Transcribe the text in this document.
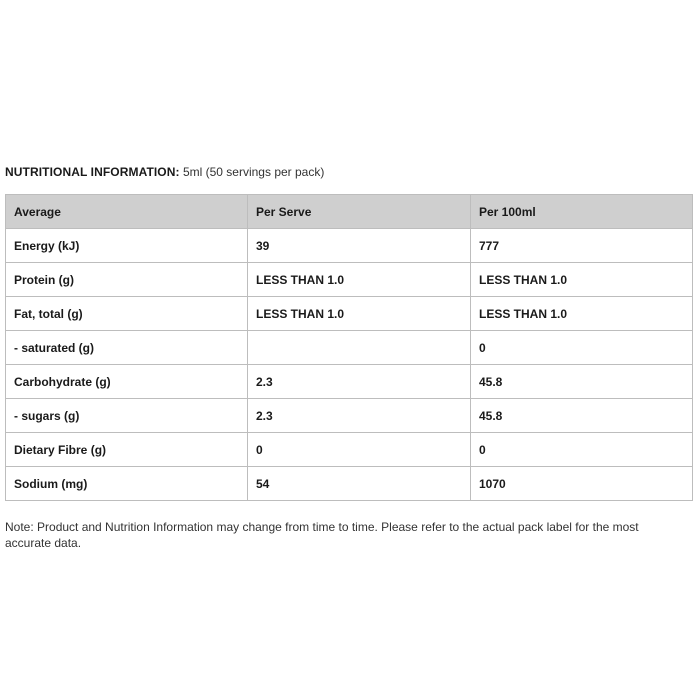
NUTRITIONAL INFORMATION: 5ml (50 servings per pack)
Average	Per Serve	Per 100ml
Energy (kJ)	39	777
Protein (g)	LESS THAN 1.0	LESS THAN 1.0
Fat, total (g)	LESS THAN 1.0	LESS THAN 1.0
- saturated (g)		0
Carbohydrate (g)	2.3	45.8
- sugars (g)	2.3	45.8
Dietary Fibre (g)	0	0
Sodium (mg)	54	1070

Note: Product and Nutrition Information may change from time to time. Please refer to the actual pack label for the most accurate data.
